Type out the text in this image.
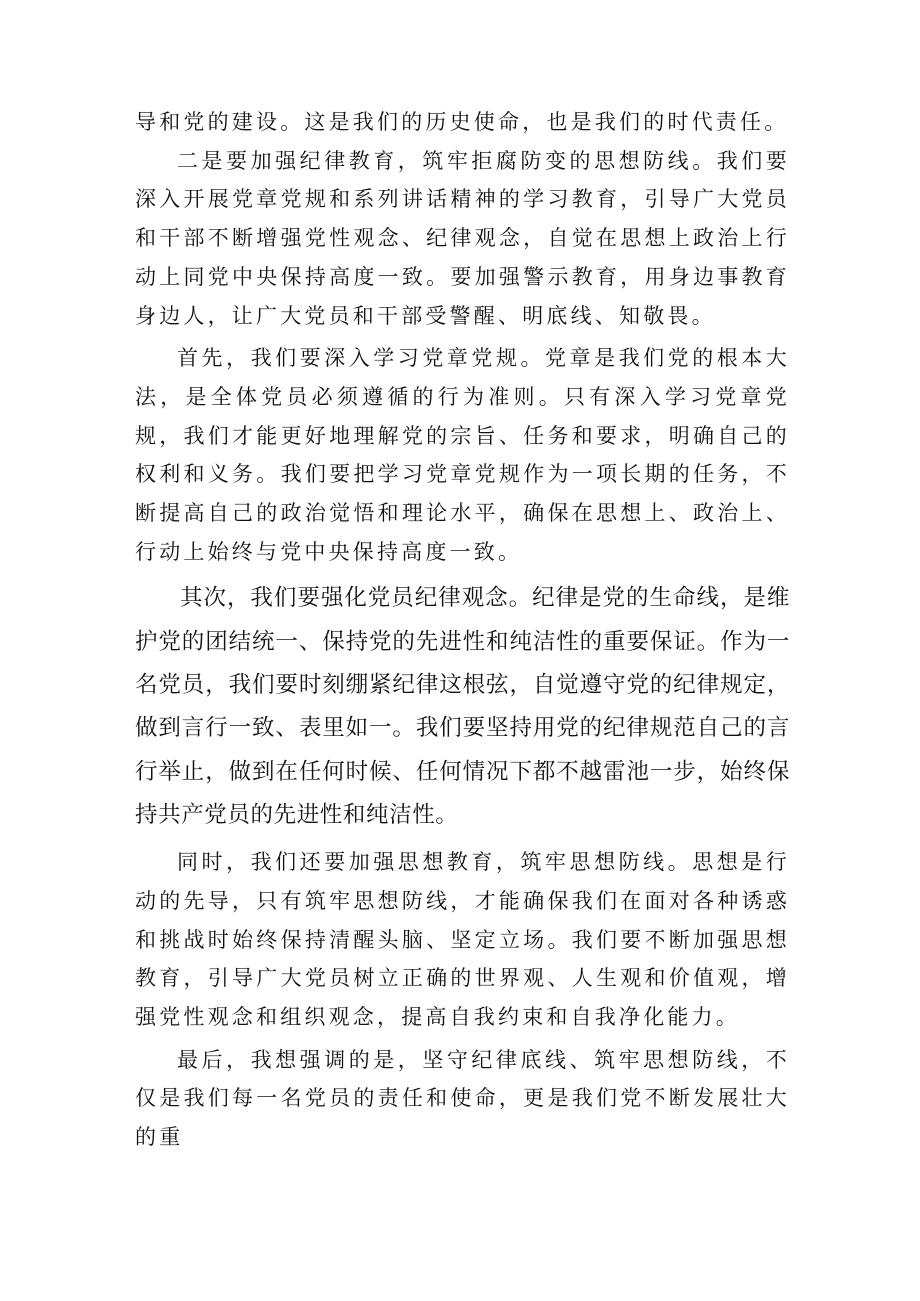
导和党的建设。这是我们的历史使命，也是我们的时代责任。

二是要加强纪律教育，筑牢拒腐防变的思想防线。我们要深入开展党章党规和系列讲话精神的学习教育，引导广大党员和干部不断增强党性观念、纪律观念，自觉在思想上政治上行动上同党中央保持高度一致。要加强警示教育，用身边事教育身边人，让广大党员和干部受警醒、明底线、知敬畏。

首先，我们要深入学习党章党规。党章是我们党的根本大法，是全体党员必须遵循的行为准则。只有深入学习党章党规，我们才能更好地理解党的宗旨、任务和要求，明确自己的权利和义务。我们要把学习党章党规作为一项长期的任务，不断提高自己的政治觉悟和理论水平，确保在思想上、政治上、行动上始终与党中央保持高度一致。

其次，我们要强化党员纪律观念。纪律是党的生命线，是维护党的团结统一、保持党的先进性和纯洁性的重要保证。作为一名党员，我们要时刻绷紧纪律这根弦，自觉遵守党的纪律规定，做到言行一致、表里如一。我们要坚持用党的纪律规范自己的言行举止，做到在任何时候、任何情况下都不越雷池一步，始终保持共产党员的先进性和纯洁性。

同时，我们还要加强思想教育，筑牢思想防线。思想是行动的先导，只有筑牢思想防线，才能确保我们在面对各种诱惑和挑战时始终保持清醒头脑、坚定立场。我们要不断加强思想教育，引导广大党员树立正确的世界观、人生观和价值观，增强党性观念和组织观念，提高自我约束和自我净化能力。

最后，我想强调的是，坚守纪律底线、筑牢思想防线，不仅是我们每一名党员的责任和使命，更是我们党不断发展壮大的重
